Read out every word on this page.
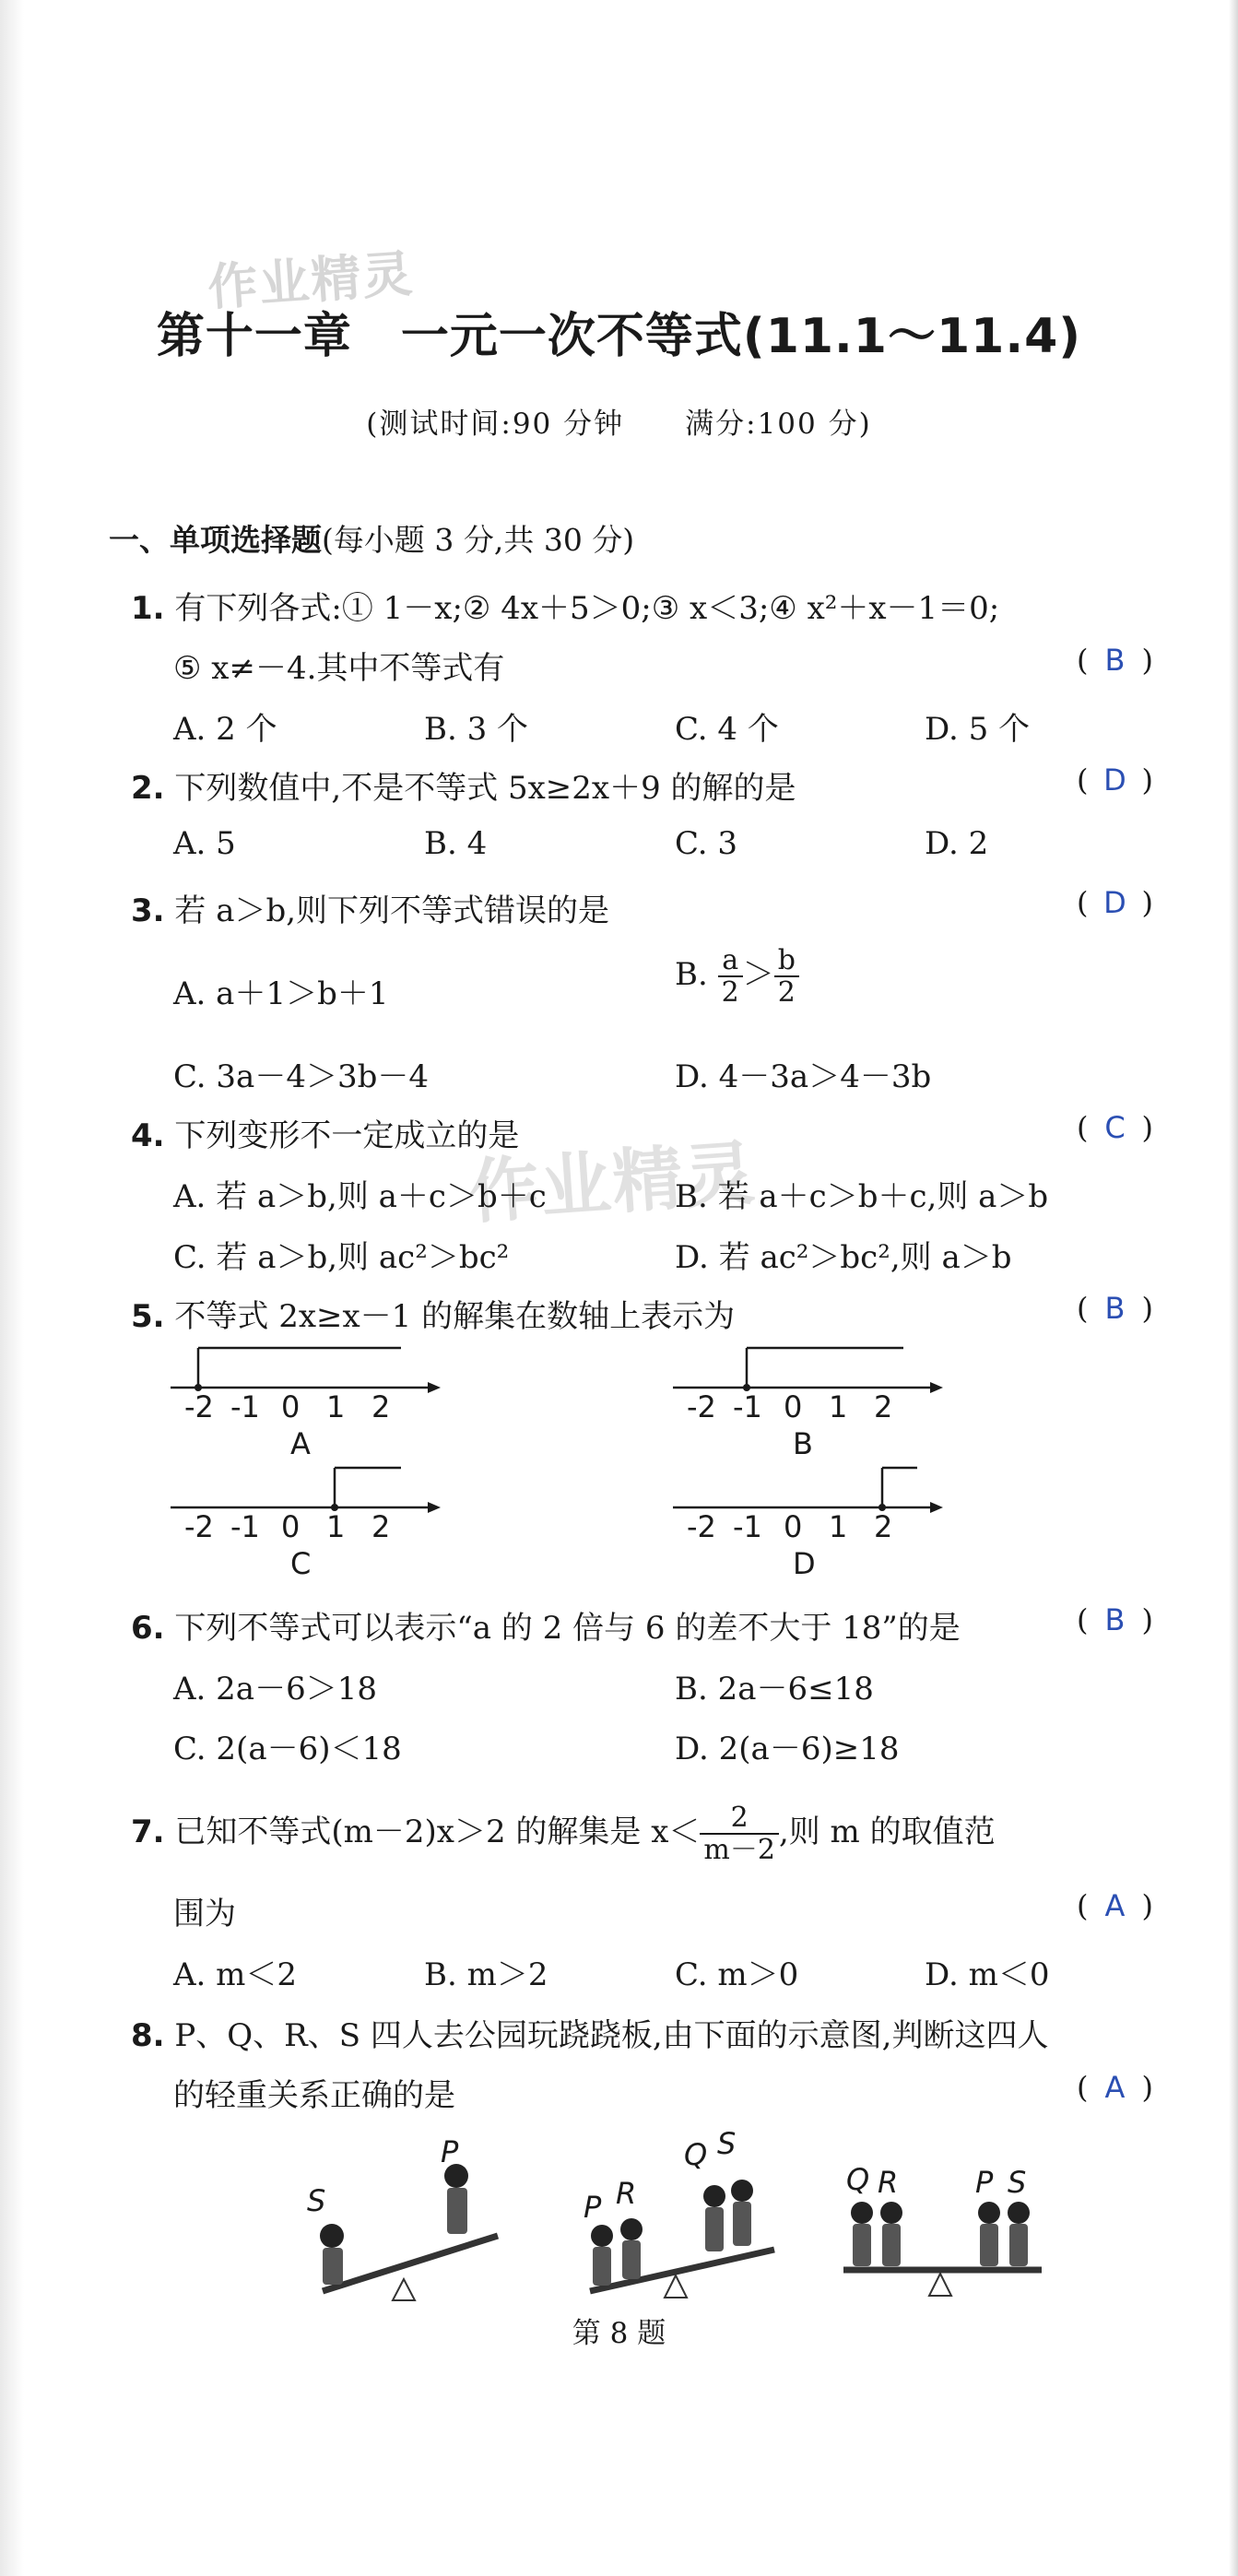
作业精灵
作业精灵
第十一章　一元一次不等式(11.1～11.4)
(测试时间:90 分钟　　满分:100 分)
一、单项选择题(每小题 3 分,共 30 分)
1. 有下列各式:① 1－x;② 4x＋5＞0;③ x＜3;④ x²＋x－1＝0;
⑤ x≠－4.其中不等式有	( B )
A. 2 个	B. 3 个	C. 4 个	D. 5 个
2. 下列数值中,不是不等式 5x≥2x＋9 的解的是	( D )
A. 5	B. 4	C. 3	D. 2
3. 若 a＞b,则下列不等式错误的是	( D )
A. a＋1＞b＋1
B. $\frac{a}{2} > \frac{b}{2}$
C. 3a－4＞3b－4	D. 4－3a＞4－3b
4. 下列变形不一定成立的是	( C )
A. 若 a＞b,则 a＋c＞b＋c	B. 若 a＋c＞b＋c,则 a＞b
C. 若 a＞b,则 ac²＞bc²	D. 若 ac²＞bc²,则 a＞b
5. 不等式 2x≥x－1 的解集在数轴上表示为	( B )
-2 -1 0 1 2
A
-2 -1 0 1 2
B
-2 -1 0 1 2
C
-2 -1 0 1 2
D
6. 下列不等式可以表示“a 的 2 倍与 6 的差不大于 18”的是	( B )
A. 2a－6＞18	B. 2a－6≤18
C. 2(a－6)＜18	D. 2(a－6)≥18
7. 已知不等式(m－2)x＞2 的解集是 $x< \frac{2}{m-2}$ ,则 m 的取值范
围为	( A )
A. m＜2	B. m＞2	C. m＞0	D. m＜0
8. P、Q、R、S 四人去公园玩跷跷板,由下面的示意图,判断这四人
的轻重关系正确的是	( A )
S
P
P R
Q S
Q R	P S
第 8 题
